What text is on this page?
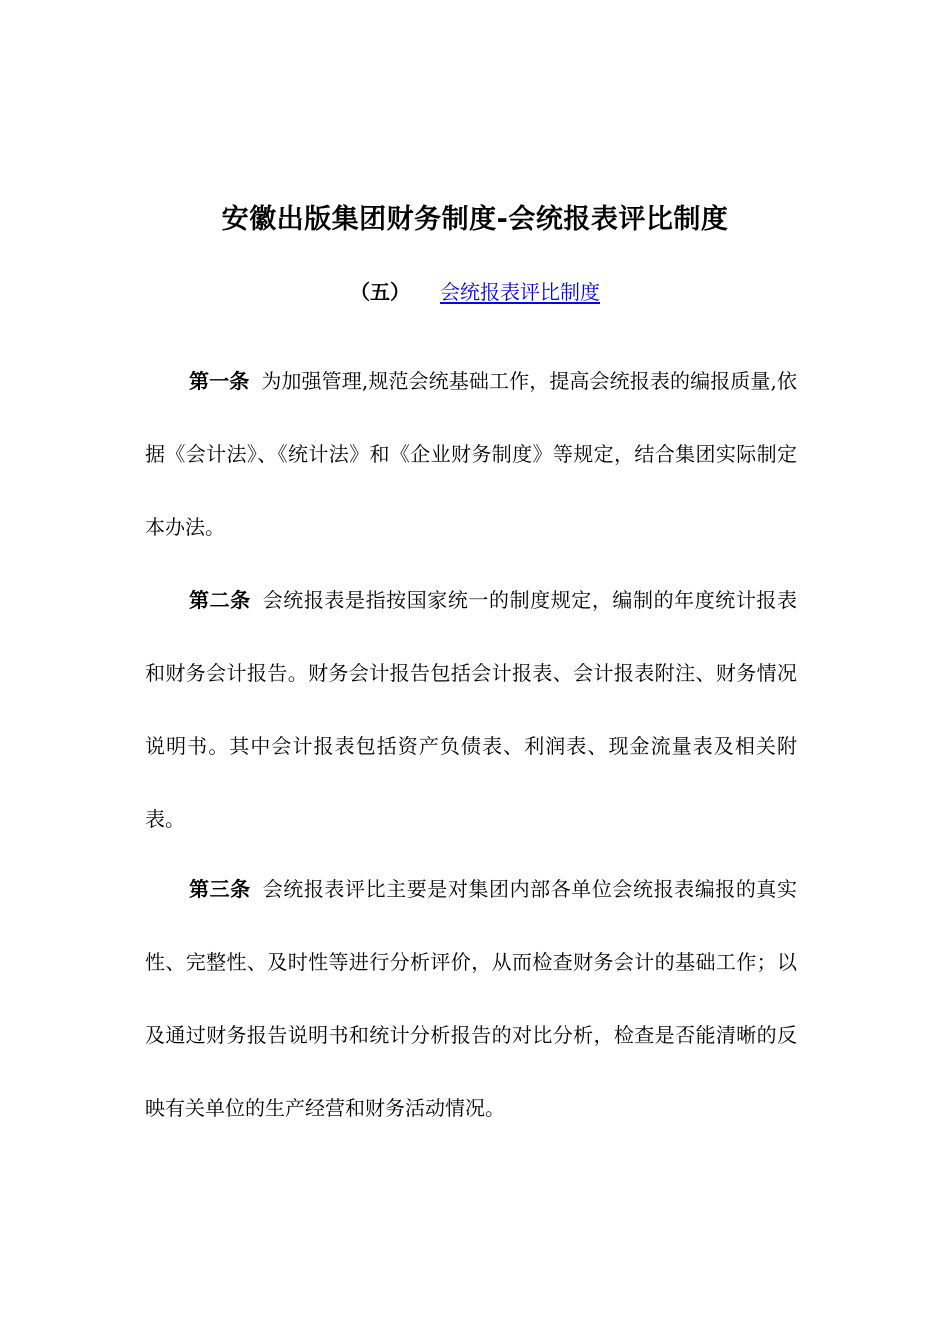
安徽出版集团财务制度-会统报表评比制度
（五） 会统报表评比制度

第一条 为加强管理,规范会统基础工作，提高会统报表的编报质量,依据《会计法》、《统计法》和《企业财务制度》等规定，结合集团实际制定本办法。

第二条 会统报表是指按国家统一的制度规定，编制的年度统计报表和财务会计报告。财务会计报告包括会计报表、会计报表附注、财务情况说明书。其中会计报表包括资产负债表、利润表、现金流量表及相关附表。

第三条 会统报表评比主要是对集团内部各单位会统报表编报的真实性、完整性、及时性等进行分析评价，从而检查财务会计的基础工作；以及通过财务报告说明书和统计分析报告的对比分析，检查是否能清晰的反映有关单位的生产经营和财务活动情况。
